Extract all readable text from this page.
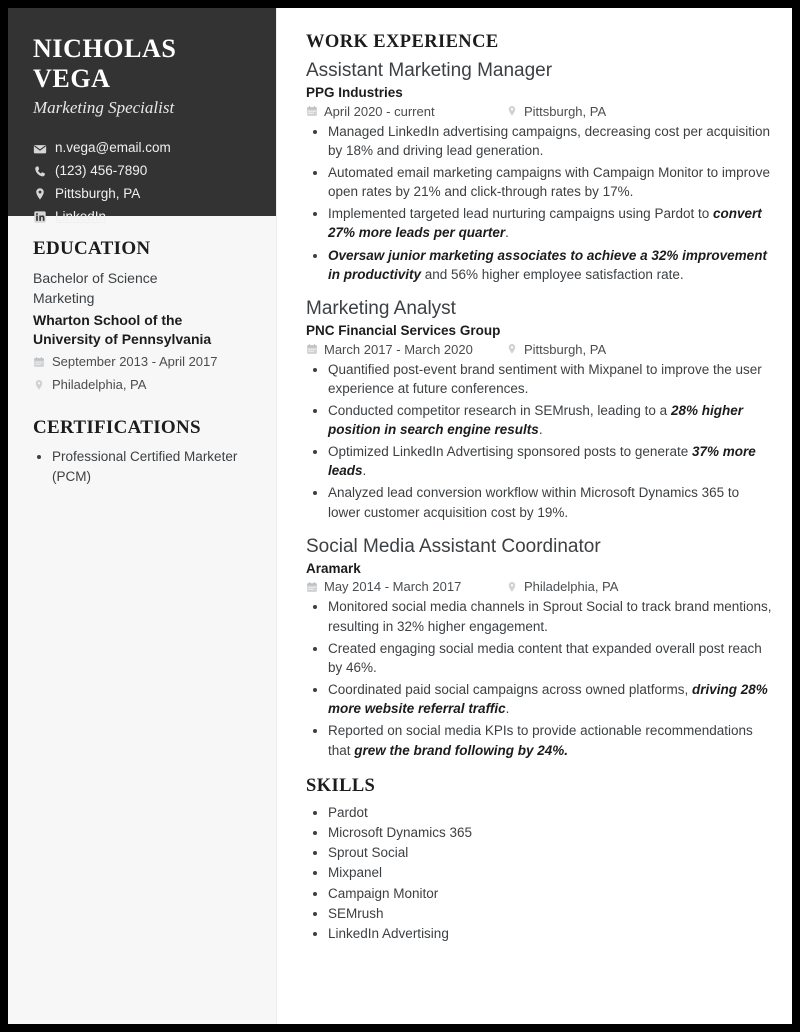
NICHOLAS VEGA
Marketing Specialist
n.vega@email.com
(123) 456-7890
Pittsburgh, PA
LinkedIn
EDUCATION
Bachelor of Science
Marketing
Wharton School of the University of Pennsylvania
September 2013 - April 2017
Philadelphia, PA
CERTIFICATIONS
• Professional Certified Marketer (PCM)
WORK EXPERIENCE
Assistant Marketing Manager
PPG Industries
April 2020 - current	Pittsburgh, PA
• Managed LinkedIn advertising campaigns, decreasing cost per acquisition by 18% and driving lead generation.
• Automated email marketing campaigns with Campaign Monitor to improve open rates by 21% and click-through rates by 17%.
• Implemented targeted lead nurturing campaigns using Pardot to convert 27% more leads per quarter.
• Oversaw junior marketing associates to achieve a 32% improvement in productivity and 56% higher employee satisfaction rate.
Marketing Analyst
PNC Financial Services Group
March 2017 - March 2020	Pittsburgh, PA
• Quantified post-event brand sentiment with Mixpanel to improve the user experience at future conferences.
• Conducted competitor research in SEMrush, leading to a 28% higher position in search engine results.
• Optimized LinkedIn Advertising sponsored posts to generate 37% more leads.
• Analyzed lead conversion workflow within Microsoft Dynamics 365 to lower customer acquisition cost by 19%.
Social Media Assistant Coordinator
Aramark
May 2014 - March 2017	Philadelphia, PA
• Monitored social media channels in Sprout Social to track brand mentions, resulting in 32% higher engagement.
• Created engaging social media content that expanded overall post reach by 46%.
• Coordinated paid social campaigns across owned platforms, driving 28% more website referral traffic.
• Reported on social media KPIs to provide actionable recommendations that grew the brand following by 24%.
SKILLS
• Pardot
• Microsoft Dynamics 365
• Sprout Social
• Mixpanel
• Campaign Monitor
• SEMrush
• LinkedIn Advertising
